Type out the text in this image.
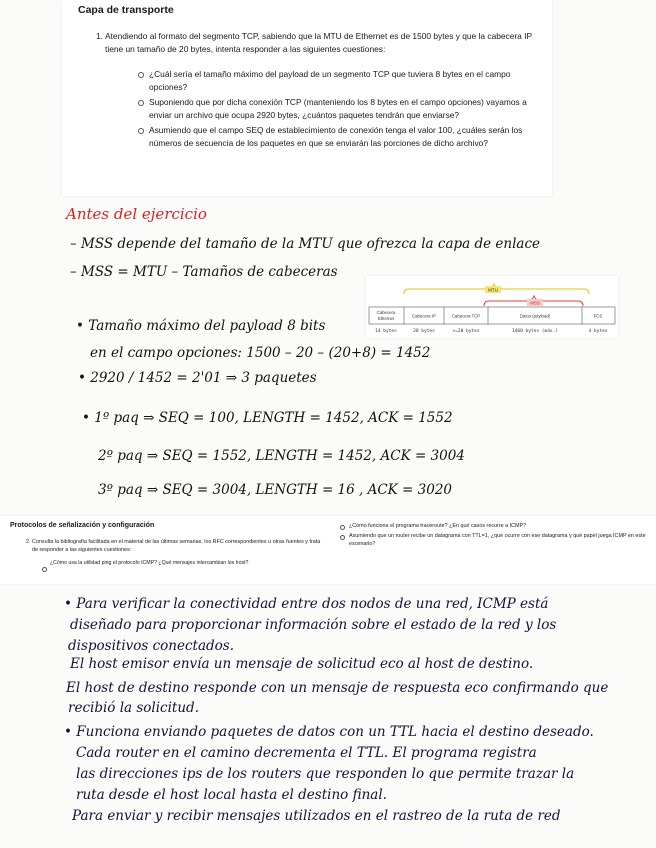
Capa de transporte
1. Atendiendo al formato del segmento TCP, sabiendo que la MTU de Ethernet es de 1500 bytes y que la cabecera IP tiene un tamaño de 20 bytes, intenta responder a las siguientes cuestiones:
¿Cuál sería el tamaño máximo del payload de un segmento TCP que tuviera 8 bytes en el campo opciones?
Suponiendo que por dicha conexión TCP (manteniendo los 8 bytes en el campo opciones) vayamos a enviar un archivo que ocupa 2920 bytes, ¿cuántos paquetes tendrán que enviarse?
Asumiendo que el campo SEQ de establecimiento de conexión tenga el valor 100, ¿cuáles serán los números de secuencia de los paquetes en que se enviarán las porciones de dicho archivo?
Antes del ejercicio
– MSS depende del tamaño de la MTU que ofrezca la capa de enlace
– MSS = MTU – Tamaños de cabeceras
• Tamaño máximo del payload 8 bits
en el campo opciones: 1500 – 20 – (20+8) = 1452
• 2920 / 1452 = 2'01 ⇒ 3 paquetes
• 1º paq ⇒ SEQ = 100, LENGTH = 1452, ACK = 1552
2º paq ⇒ SEQ = 1552, LENGTH = 1452, ACK = 3004
3º paq ⇒ SEQ = 3004, LENGTH = 16 , ACK = 3020
MTU
MSS
Cabecera
Ethernet	Cabecera IP	Cabecera TCP	Datos (payload)	FCS
14 bytes	20 bytes	>=20 bytes	1460 bytes (máx.)	4 bytes
Protocolos de señalización y configuración
2. Consulta la bibliografía facilitada en el material de las últimas semanas, los RFC correspondientes u otras fuentes y trata de responder a las siguientes cuestiones:
¿Cómo usa la utilidad ping el protocolo ICMP? ¿Qué mensajes intercambian los host?
¿Cómo funciona el programa traceroute? ¿En qué casos recurre a ICMP?
Asumiendo que un router recibe un datagrama con TTL=1, ¿qué ocurre con ese datagrama y qué papel juega ICMP en este escenario?
• Para verificar la conectividad entre dos nodos de una red, ICMP está
diseñado para proporcionar información sobre el estado de la red y los
dispositivos conectados.
El host emisor envía un mensaje de solicitud eco al host de destino.
El host de destino responde con un mensaje de respuesta eco confirmando que
recibió la solicitud.
• Funciona enviando paquetes de datos con un TTL hacia el destino deseado.
Cada router en el camino decrementa el TTL. El programa registra
las direcciones ips de los routers que responden lo que permite trazar la
ruta desde el host local hasta el destino final.
Para enviar y recibir mensajes utilizados en el rastreo de la ruta de red
